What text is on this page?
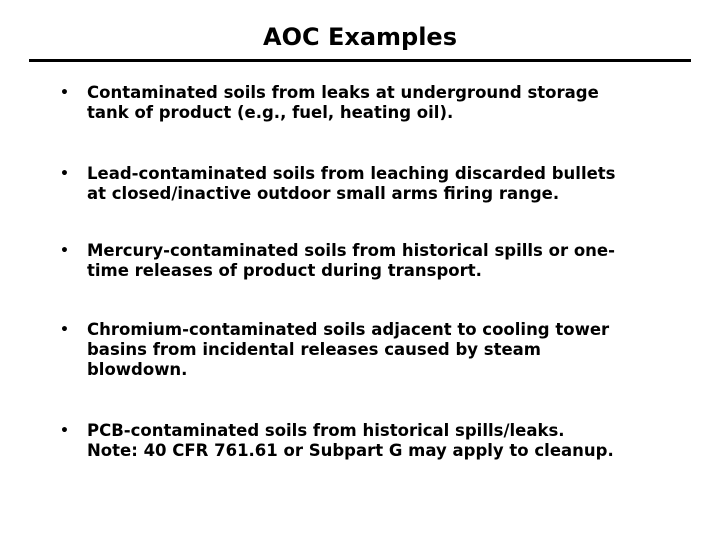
AOC Examples
• Contaminated soils from leaks at underground storage
tank of product (e.g., fuel, heating oil).
• Lead-contaminated soils from leaching discarded bullets
at closed/inactive outdoor small arms firing range.
• Mercury-contaminated soils from historical spills or one-
time releases of product during transport.
• Chromium-contaminated soils adjacent to cooling tower
basins from incidental releases caused by steam
blowdown.
• PCB-contaminated soils from historical spills/leaks.
Note: 40 CFR 761.61 or Subpart G may apply to cleanup.
